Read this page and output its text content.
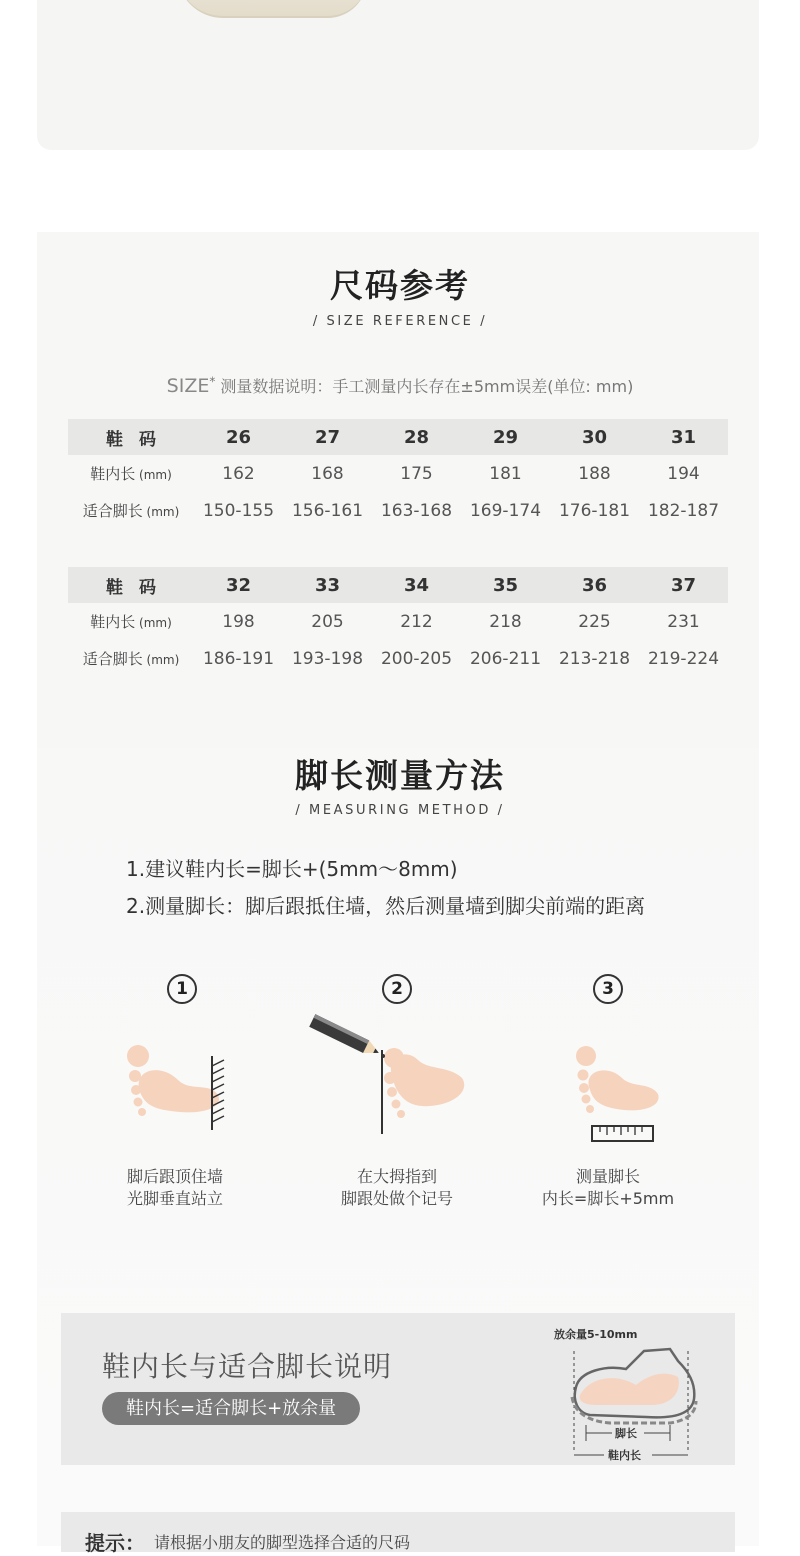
尺码参考
/ SIZE REFERENCE /
SIZE* 测量数据说明：手工测量内长存在±5mm误差(单位: mm)
鞋码	26	27	28	29	30	31
鞋内长 (mm)	162	168	175	181	188	194
适合脚长 (mm)	150-155	156-161	163-168	169-174	176-181	182-187
鞋码	32	33	34	35	36	37
鞋内长 (mm)	198	205	212	218	225	231
适合脚长 (mm)	186-191	193-198	200-205	206-211	213-218	219-224
脚长测量方法
/ MEASURING METHOD /
1.建议鞋内长=脚长+(5mm～8mm)
2.测量脚长：脚后跟抵住墙，然后测量墙到脚尖前端的距离
1
脚后跟顶住墙
光脚垂直站立
2
在大拇指到
脚跟处做个记号
3
测量脚长
内长=脚长+5mm
鞋内长与适合脚长说明
鞋内长=适合脚长+放余量
放余量5-10mm
脚长
鞋内长
提示： 请根据小朋友的脚型选择合适的尺码
